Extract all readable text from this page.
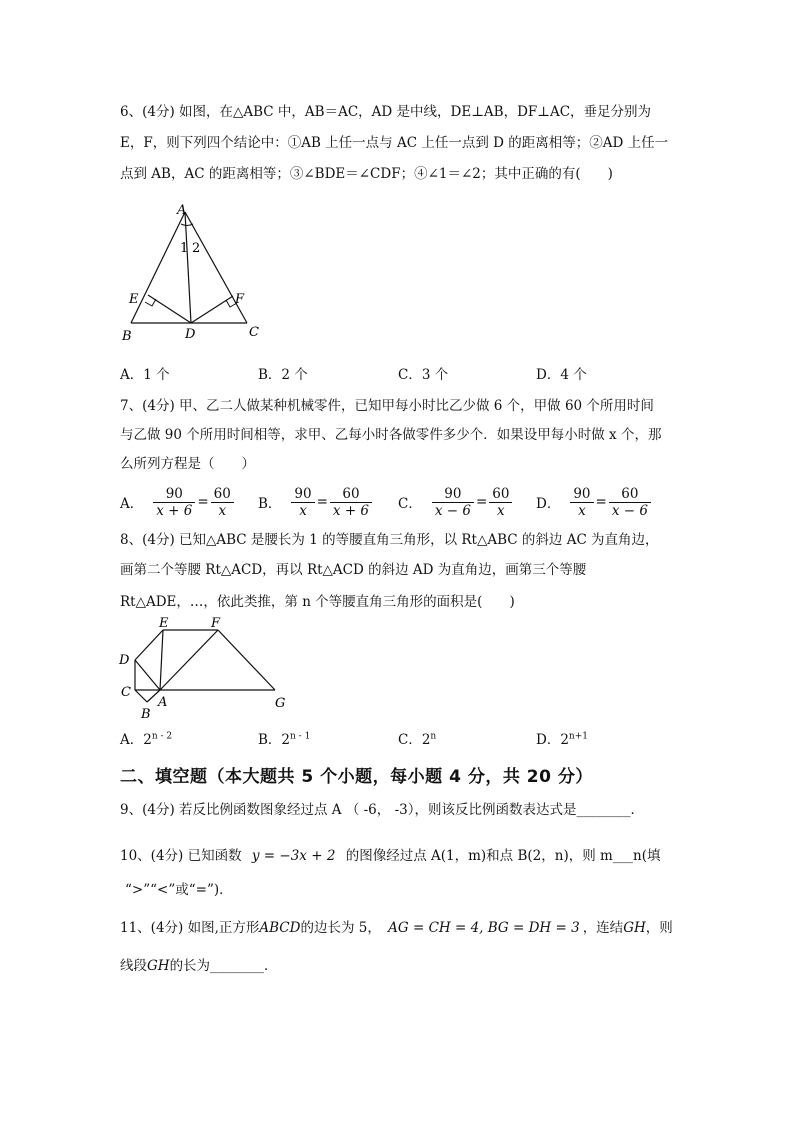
6、(4分) 如图，在△ABC 中，AB＝AC，AD 是中线，DE⊥AB，DF⊥AC，垂足分别为
E，F，则下列四个结论中：①AB 上任一点与 AC 上任一点到 D 的距离相等；②AD 上任一
点到 AB，AC 的距离相等；③∠BDE＝∠CDF；④∠1＝∠2；其中正确的有(　　)
A
B	C
D
E	F
1 2
A．1 个	B．2 个	C．3 个	D．4 个
7、(4分) 甲、乙二人做某种机械零件，已知甲每小时比乙少做 6 个，甲做 60 个所用时间
与乙做 90 个所用时间相等，求甲、乙每小时各做零件多少个．如果设甲每小时做 x 个，那
么所列方程是（　　）
A． $\frac{90}{x + 6} = \frac{60}{x}$ B． $\frac{90}{x} = \frac{60}{x + 6}$ C． $\frac{90}{x - 6} = \frac{60}{x}$ D． $\frac{90}{x} = \frac{60}{x - 6}$
8、(4分) 已知△ABC 是腰长为 1 的等腰直角三角形，以 Rt△ABC 的斜边 AC 为直角边，
画第二个等腰 Rt△ACD，再以 Rt△ACD 的斜边 AD 为直角边，画第三个等腰
Rt△ADE，…，依此类推，第 n 个等腰直角三角形的面积是(　　)
E	F
D
C
A
B
G
A．2$^{n - 2}$	B．2$^{n - 1}$	C．2$^n$	D．$2^{n+1}$
二、填空题（本大题共 5 个小题，每小题 4 分，共 20 分）
9、(4分) 若反比例函数图象经过点 A （ -6， -3），则该反比例函数表达式是________．
10、(4分) 已知函数 y = −3x + 2 的图像经过点 A(1，m)和点 B(2，n)，则 m___n(填
“>”“<”或“=”)．
11、(4分) 如图,正方形ABCD的边长为 5， AG = CH = 4, BG = DH = 3 ，连结GH，则
线段GH的长为________．
